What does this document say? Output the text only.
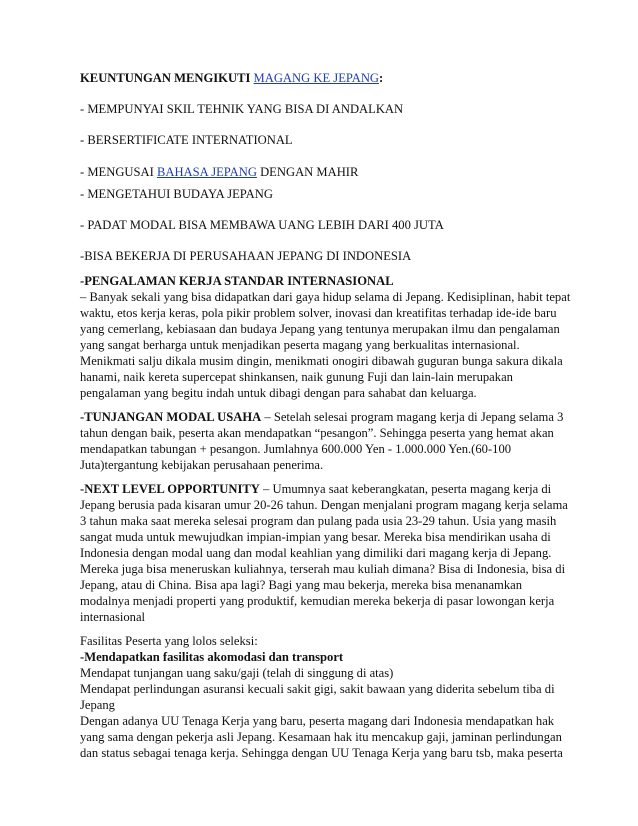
KEUNTUNGAN MENGIKUTI MAGANG KE JEPANG:
- MEMPUNYAI SKIL TEHNIK YANG BISA DI ANDALKAN
- BERSERTIFICATE INTERNATIONAL
- MENGUSAI BAHASA JEPANG DENGAN MAHIR
- MENGETAHUI BUDAYA JEPANG
- PADAT MODAL BISA MEMBAWA UANG LEBIH DARI 400 JUTA
-BISA BEKERJA DI PERUSAHAAN JEPANG DI INDONESIA
-PENGALAMAN KERJA STANDAR INTERNASIONAL
– Banyak sekali yang bisa didapatkan dari gaya hidup selama di Jepang. Kedisiplinan, habit tepat
waktu, etos kerja keras, pola pikir problem solver, inovasi dan kreatifitas terhadap ide-ide baru
yang cemerlang, kebiasaan dan budaya Jepang yang tentunya merupakan ilmu dan pengalaman
yang sangat berharga untuk menjadikan peserta magang yang berkualitas internasional.
Menikmati salju dikala musim dingin, menikmati onogiri dibawah guguran bunga sakura dikala
hanami, naik kereta supercepat shinkansen, naik gunung Fuji dan lain-lain merupakan
pengalaman yang begitu indah untuk dibagi dengan para sahabat dan keluarga.
-TUNJANGAN MODAL USAHA – Setelah selesai program magang kerja di Jepang selama 3
tahun dengan baik, peserta akan mendapatkan “pesangon”. Sehingga peserta yang hemat akan
mendapatkan tabungan + pesangon. Jumlahnya 600.000 Yen - 1.000.000 Yen.(60-100
Juta)tergantung kebijakan perusahaan penerima.
-NEXT LEVEL OPPORTUNITY – Umumnya saat keberangkatan, peserta magang kerja di
Jepang berusia pada kisaran umur 20-26 tahun. Dengan menjalani program magang kerja selama
3 tahun maka saat mereka selesai program dan pulang pada usia 23-29 tahun. Usia yang masih
sangat muda untuk mewujudkan impian-impian yang besar. Mereka bisa mendirikan usaha di
Indonesia dengan modal uang dan modal keahlian yang dimiliki dari magang kerja di Jepang.
Mereka juga bisa meneruskan kuliahnya, terserah mau kuliah dimana? Bisa di Indonesia, bisa di
Jepang, atau di China. Bisa apa lagi? Bagi yang mau bekerja, mereka bisa menanamkan
modalnya menjadi properti yang produktif, kemudian mereka bekerja di pasar lowongan kerja
internasional
Fasilitas Peserta yang lolos seleksi:
-Mendapatkan fasilitas akomodasi dan transport
Mendapat tunjangan uang saku/gaji (telah di singgung di atas)
Mendapat perlindungan asuransi kecuali sakit gigi, sakit bawaan yang diderita sebelum tiba di
Jepang
Dengan adanya UU Tenaga Kerja yang baru, peserta magang dari Indonesia mendapatkan hak
yang sama dengan pekerja asli Jepang. Kesamaan hak itu mencakup gaji, jaminan perlindungan
dan status sebagai tenaga kerja. Sehingga dengan UU Tenaga Kerja yang baru tsb, maka peserta
